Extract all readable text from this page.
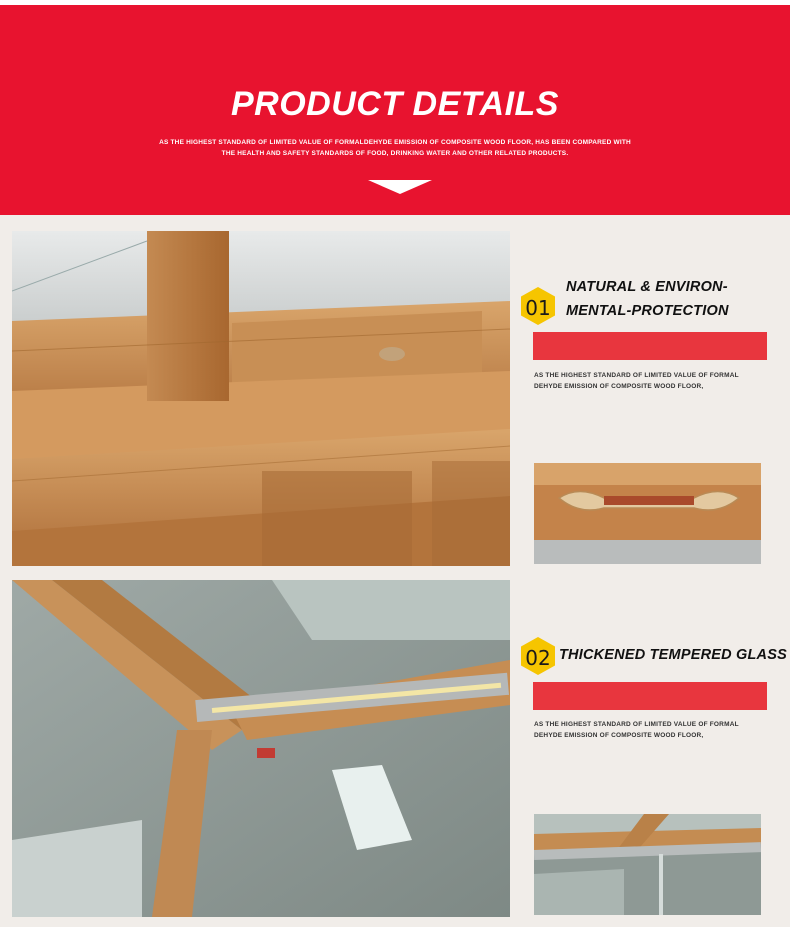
PRODUCT DETAILS
AS THE HIGHEST STANDARD OF LIMITED VALUE OF FORMALDEHYDE EMISSION OF COMPOSITE WOOD FLOOR, HAS BEEN COMPARED WITH
THE HEALTH AND SAFETY STANDARDS OF FOOD, DRINKING WATER AND OTHER RELATED PRODUCTS.
01
NATURAL & ENVIRON-
MENTAL-PROTECTION
AS THE HIGHEST STANDARD OF LIMITED VALUE OF FORMAL
DEHYDE EMISSION OF COMPOSITE WOOD FLOOR,
02 THICKENED TEMPERED GLASS
AS THE HIGHEST STANDARD OF LIMITED VALUE OF FORMAL
DEHYDE EMISSION OF COMPOSITE WOOD FLOOR,
